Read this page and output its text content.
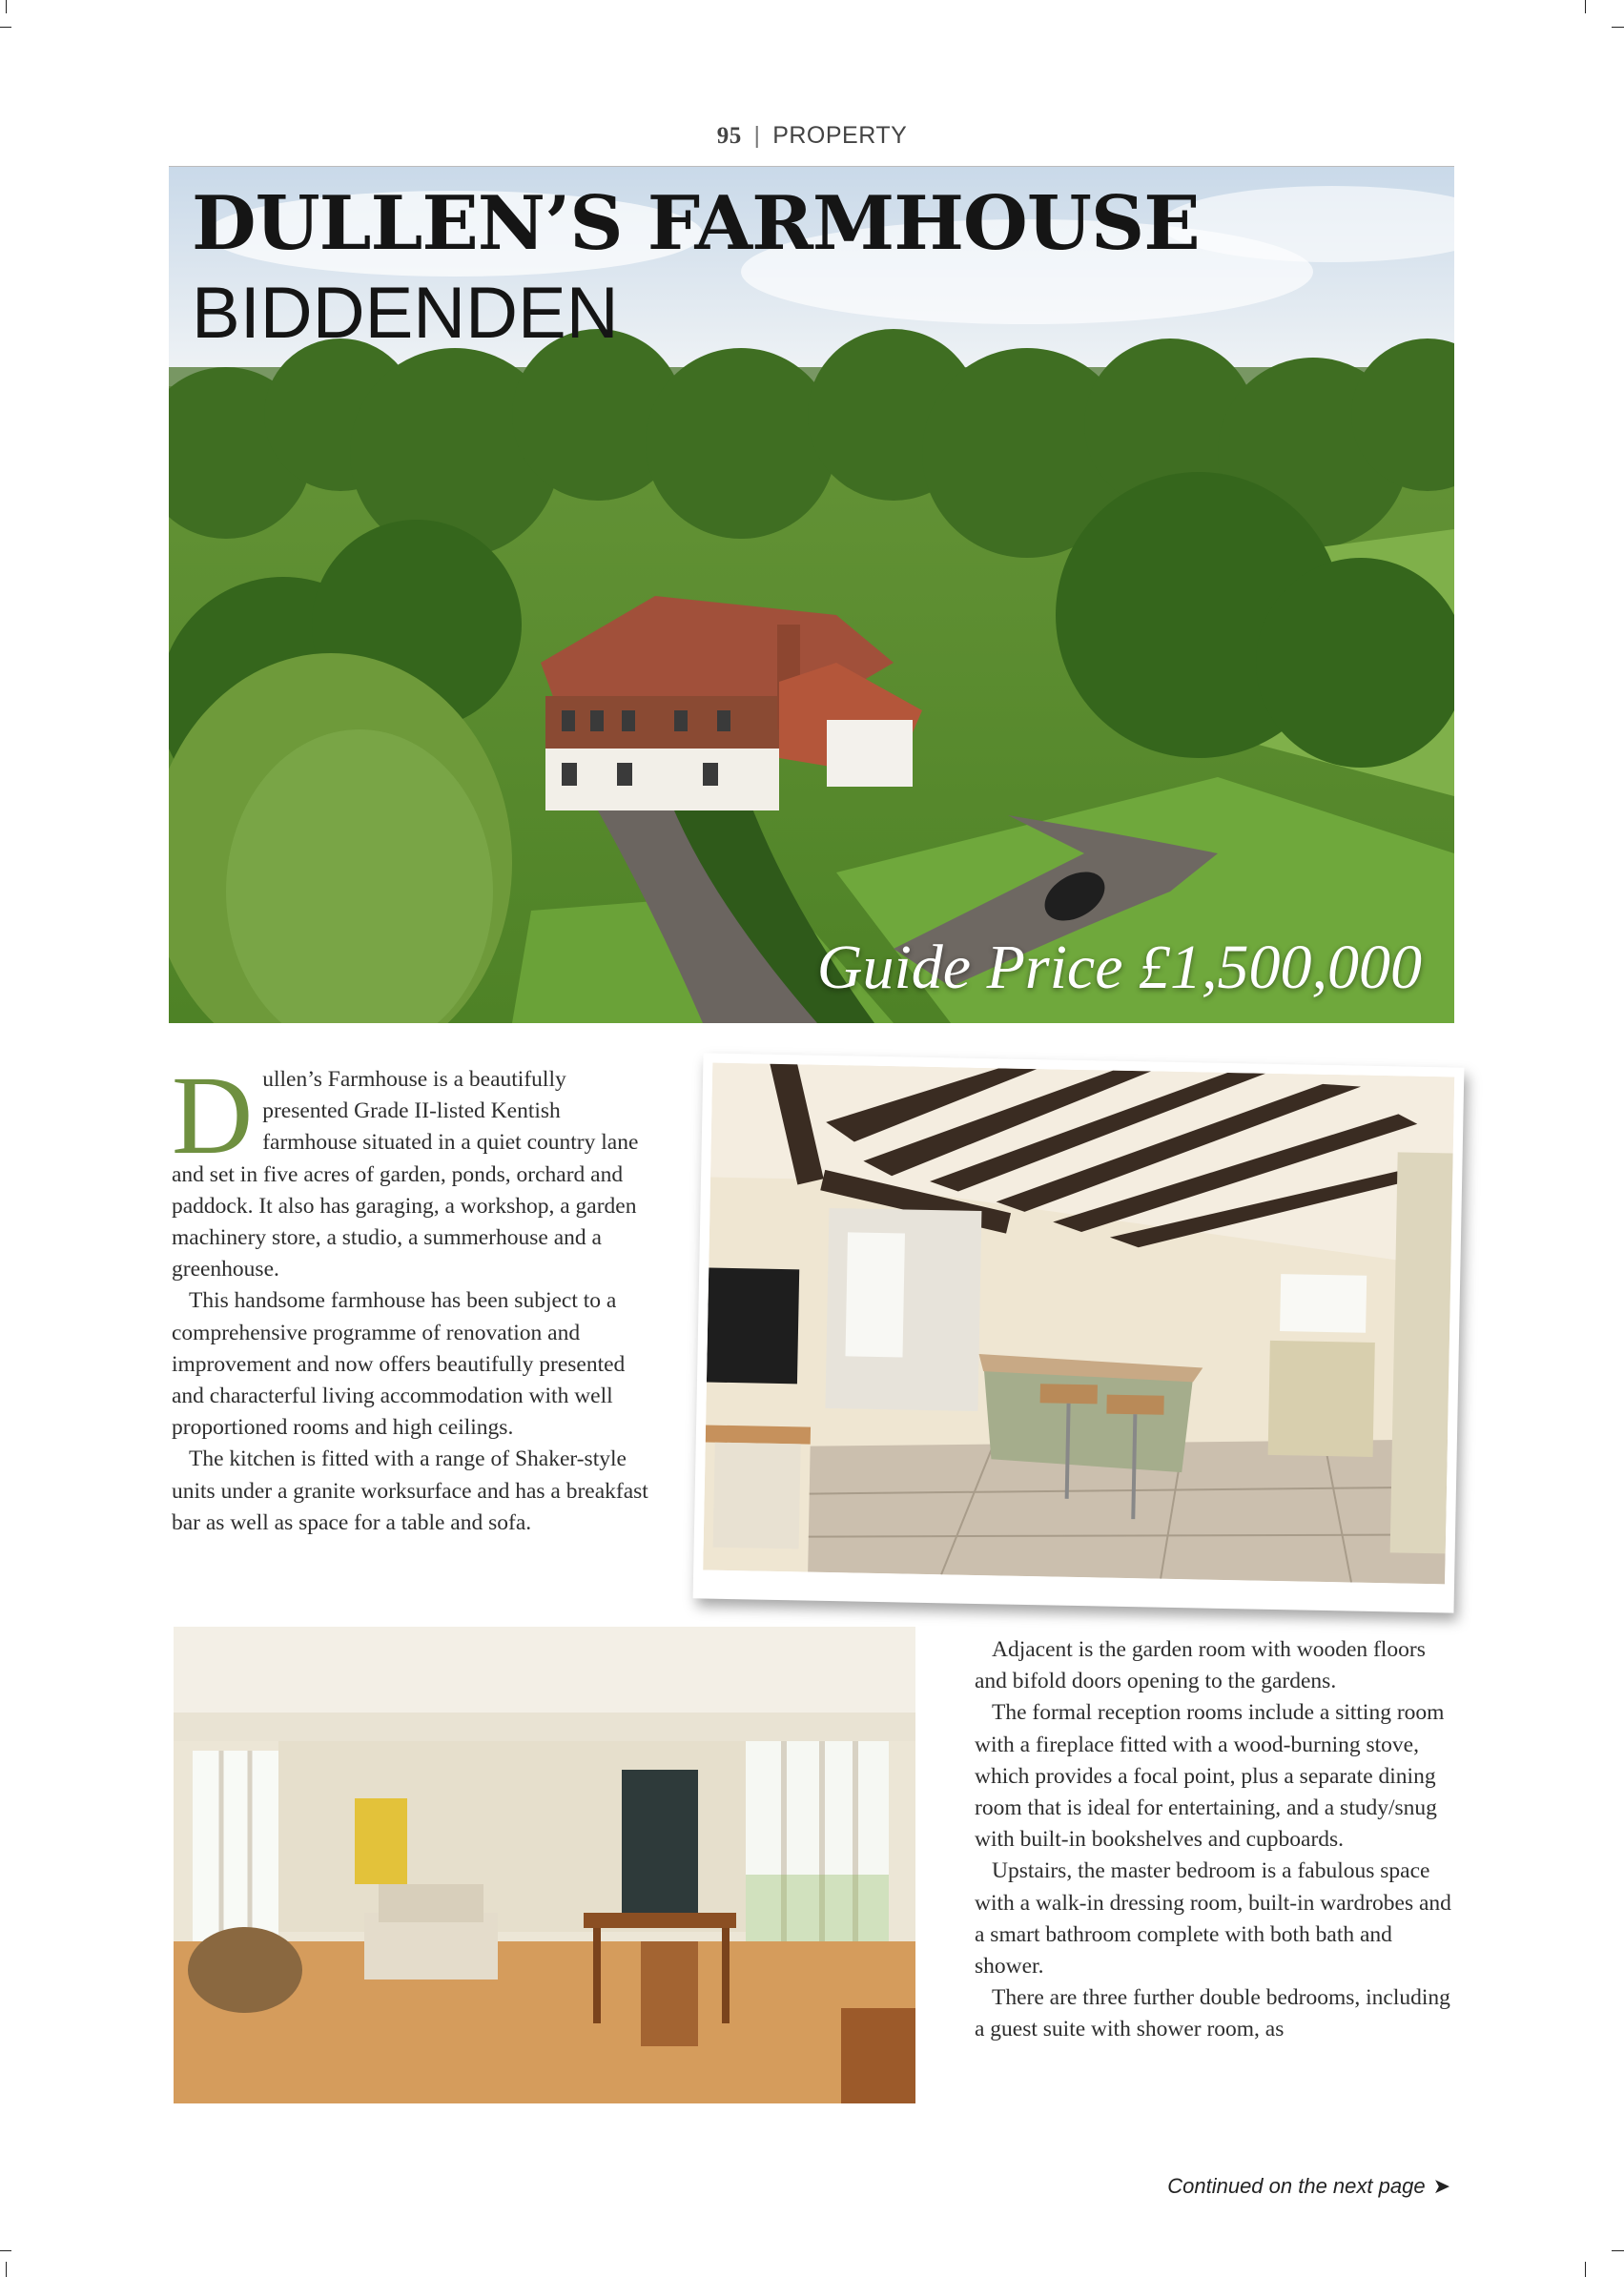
95 | PROPERTY
DULLEN’S FARMHOUSE
BIDDENDEN
Guide Price £1,500,000

Dullen’s Farmhouse is a beautifully presented Grade II-listed Kentish farmhouse situated in a quiet country lane and set in five acres of garden, ponds, orchard and paddock. It also has garaging, a workshop, a garden machinery store, a studio, a summerhouse and a greenhouse.

This handsome farmhouse has been subject to a comprehensive programme of renovation and improvement and now offers beautifully presented and characterful living accommodation with well proportioned rooms and high ceilings.

The kitchen is fitted with a range of Shaker-style units under a granite worksurface and has a breakfast bar as well as space for a table and sofa.

Adjacent is the garden room with wooden floors and bifold doors opening to the gardens.

The formal reception rooms include a sitting room with a fireplace fitted with a wood-burning stove, which provides a focal point, plus a separate dining room that is ideal for entertaining, and a study/snug with built-in bookshelves and cupboards.

Upstairs, the master bedroom is a fabulous space with a walk-in dressing room, built-in wardrobes and a smart bathroom complete with both bath and shower.

There are three further double bedrooms, including a guest suite with shower room, as

Continued on the next page ➤
